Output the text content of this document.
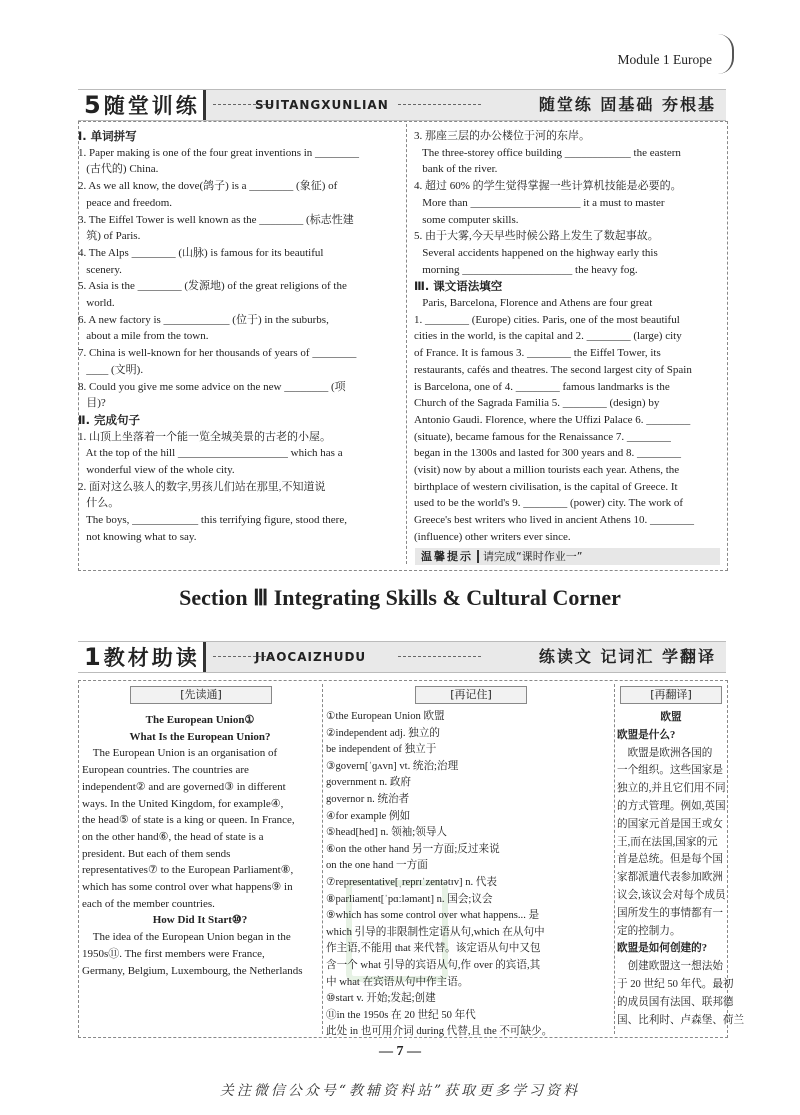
Module 1 Europe
5随堂训练	SUITANGXUNLIAN	随堂练 固基础 夯根基

Ⅰ. 单词拼写

1. Paper making is one of the four great inventions in ________

(古代的) China.

2. As we all know, the dove(鸽子) is a ________ (象征) of

peace and freedom.

3. The Eiffel Tower is well known as the ________ (标志性建

筑) of Paris.

4. The Alps ________ (山脉) is famous for its beautiful

scenery.

5. Asia is the ________ (发源地) of the great religions of the

world.

6. A new factory is ____________ (位于) in the suburbs,

about a mile from the town.

7. China is well-known for her thousands of years of ________

____ (文明).

8. Could you give me some advice on the new ________ (项

目)?

Ⅱ. 完成句子

1. 山顶上坐落着一个能一览全城美景的古老的小屋。

At the top of the hill ____________________ which has a

wonderful view of the whole city.

2. 面对这么骇人的数字,男孩儿们站在那里,不知道说

什么。

The boys, ____________ this terrifying figure, stood there,

not knowing what to say.

3. 那座三层的办公楼位于河的东岸。

The three-storey office building ____________ the eastern

bank of the river.

4. 超过 60% 的学生觉得掌握一些计算机技能是必要的。

More than ____________________ it a must to master

some computer skills.

5. 由于大雾,今天早些时候公路上发生了数起事故。

Several accidents happened on the highway early this

morning ____________________ the heavy fog.

Ⅲ. 课文语法填空

Paris, Barcelona, Florence and Athens are four great

1. ________ (Europe) cities. Paris, one of the most beautiful

cities in the world, is the capital and 2. ________ (large) city

of France. It is famous 3. ________ the Eiffel Tower, its

restaurants, cafés and theatres. The second largest city of Spain

is Barcelona, one of 4. ________ famous landmarks is the

Church of the Sagrada Familia 5. ________ (design) by

Antonio Gaudi. Florence, where the Uffizi Palace 6. ________

(situate), became famous for the Renaissance 7. ________

began in the 1300s and lasted for 300 years and 8. ________

(visit) now by about a million tourists each year. Athens, the

birthplace of western civilisation, is the capital of Greece. It

used to be the world's 9. ________ (power) city. The work of

Greece's best writers who lived in ancient Athens 10. ________

(influence) other writers ever since.

温馨提示 请完成“课时作业一”
Section Ⅲ Integrating Skills & Cultural Corner
1教材助读	JIAOCAIZHUDU	练读文 记词汇 学翻译
[先读通]	[再记住]	[再翻译]

The European Union①

What Is the European Union?

The European Union is an organisation of

European countries. The countries are

independent② and are governed③ in different

ways. In the United Kingdom, for example④,

the head⑤ of state is a king or queen. In France,

on the other hand⑥, the head of state is a

president. But each of them sends

representatives⑦ to the European Parliament⑧,

which has some control over what happens⑨ in

each of the member countries.

How Did It Start⑩?

The idea of the European Union began in the

1950s⑪. The first members were France,

Germany, Belgium, Luxembourg, the Netherlands

①the European Union 欧盟

②independent adj. 独立的

be independent of 独立于

③govern[ˈɡʌvn] vt. 统治;治理

government n. 政府

governor n. 统治者

④for example 例如

⑤head[hed] n. 领袖;领导人

⑥on the other hand 另一方面;反过来说

on the one hand 一方面

⑦representative[ˌreprɪˈzentətɪv] n. 代表

⑧parliament[ˈpɑːləmənt] n. 国会;议会

⑨which has some control over what happens... 是

which 引导的非限制性定语从句,which 在从句中

作主语,不能用 that 来代替。该定语从句中又包

含一个 what 引导的宾语从句,作 over 的宾语,其

中 what 在宾语从句中作主语。

⑩start v. 开始;发起;创建

⑪in the 1950s 在 20 世纪 50 年代

此处 in 也可用介词 during 代替,且 the 不可缺少。

欧盟

欧盟是什么?

欧盟是欧洲各国的

一个组织。这些国家是

独立的,并且它们用不同

的方式管理。例如,英国

的国家元首是国王或女

王,而在法国,国家的元

首是总统。但是每个国

家都派遣代表参加欧洲

议会,该议会对每个成员

国所发生的事情都有一

定的控制力。

欧盟是如何创建的?

创建欧盟这一想法始

于 20 世纪 50 年代。最初

的成员国有法国、联邦德

国、比利时、卢森堡、荷兰

— 7 —
关注微信公众号“教辅资料站”获取更多学习资料
